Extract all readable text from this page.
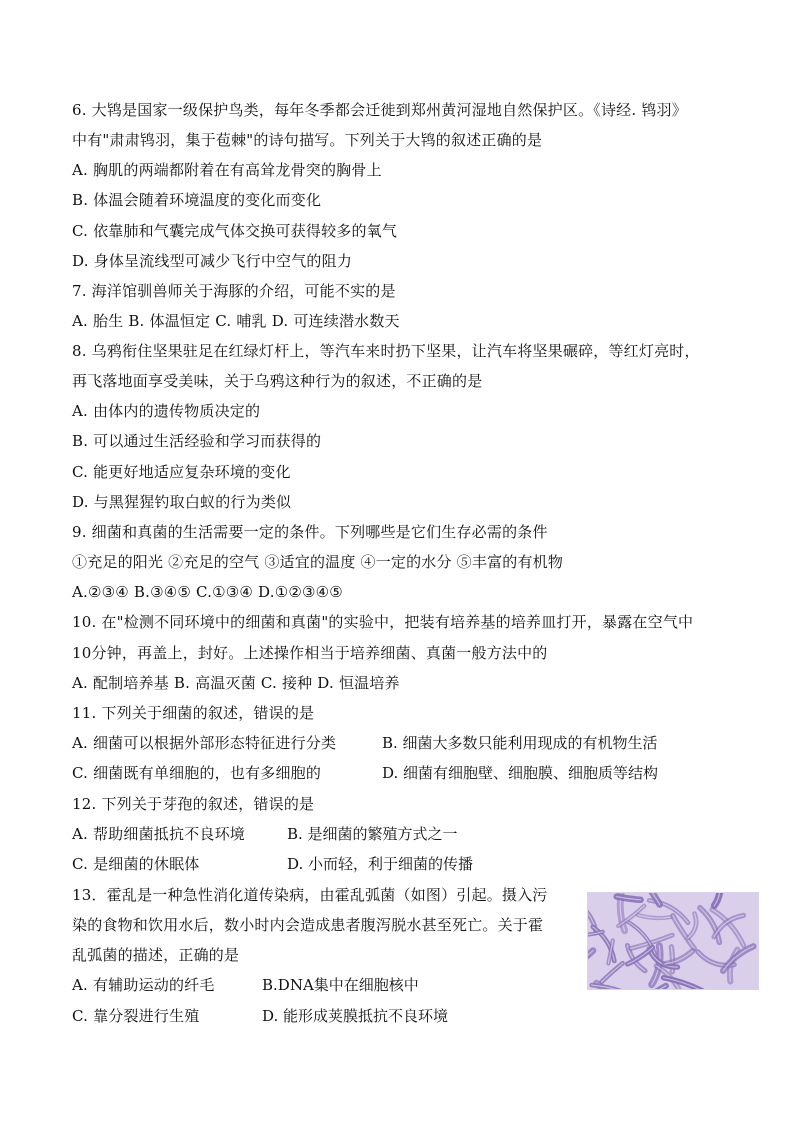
6. 大鸨是国家一级保护鸟类，每年冬季都会迁徙到郑州黄河湿地自然保护区。《诗经. 鸨羽》
中有"肃肃鸨羽，集于苞棘"的诗句描写。下列关于大鸨的叙述正确的是
A. 胸肌的两端都附着在有高耸龙骨突的胸骨上
B. 体温会随着环境温度的变化而变化
C. 依靠肺和气囊完成气体交换可获得较多的氧气
D. 身体呈流线型可减少飞行中空气的阻力
7. 海洋馆驯兽师关于海豚的介绍，可能不实的是
A. 胎生 B. 体温恒定 C. 哺乳 D. 可连续潜水数天
8. 乌鸦衔住坚果驻足在红绿灯杆上，等汽车来时扔下坚果，让汽车将坚果碾碎，等红灯亮时，
再飞落地面享受美味，关于乌鸦这种行为的叙述，不正确的是
A. 由体内的遗传物质决定的
B. 可以通过生活经验和学习而获得的
C. 能更好地适应复杂环境的变化
D. 与黑猩猩钓取白蚁的行为类似
9. 细菌和真菌的生活需要一定的条件。下列哪些是它们生存必需的条件
①充足的阳光 ②充足的空气 ③适宜的温度 ④一定的水分 ⑤丰富的有机物
A.②③④ B.③④⑤ C.①③④ D.①②③④⑤
10. 在"检测不同环境中的细菌和真菌"的实验中，把装有培养基的培养皿打开，暴露在空气中
10分钟，再盖上，封好。上述操作相当于培养细菌、真菌一般方法中的
A. 配制培养基 B. 高温灭菌 C. 接种 D. 恒温培养
11. 下列关于细菌的叙述，错误的是
A. 细菌可以根据外部形态特征进行分类	B. 细菌大多数只能利用现成的有机物生活
C. 细菌既有单细胞的，也有多细胞的	D. 细菌有细胞壁、细胞膜、细胞质等结构
12. 下列关于芽孢的叙述，错误的是
A. 帮助细菌抵抗不良环境	B. 是细菌的繁殖方式之一
C. 是细菌的休眠体	D. 小而轻，利于细菌的传播
13．霍乱是一种急性消化道传染病，由霍乱弧菌（如图）引起。摄入污
染的食物和饮用水后，数小时内会造成患者腹泻脱水甚至死亡。关于霍
乱弧菌的描述，正确的是
A. 有辅助运动的纤毛	B.DNA集中在细胞核中
C. 靠分裂进行生殖	D. 能形成荚膜抵抗不良环境
